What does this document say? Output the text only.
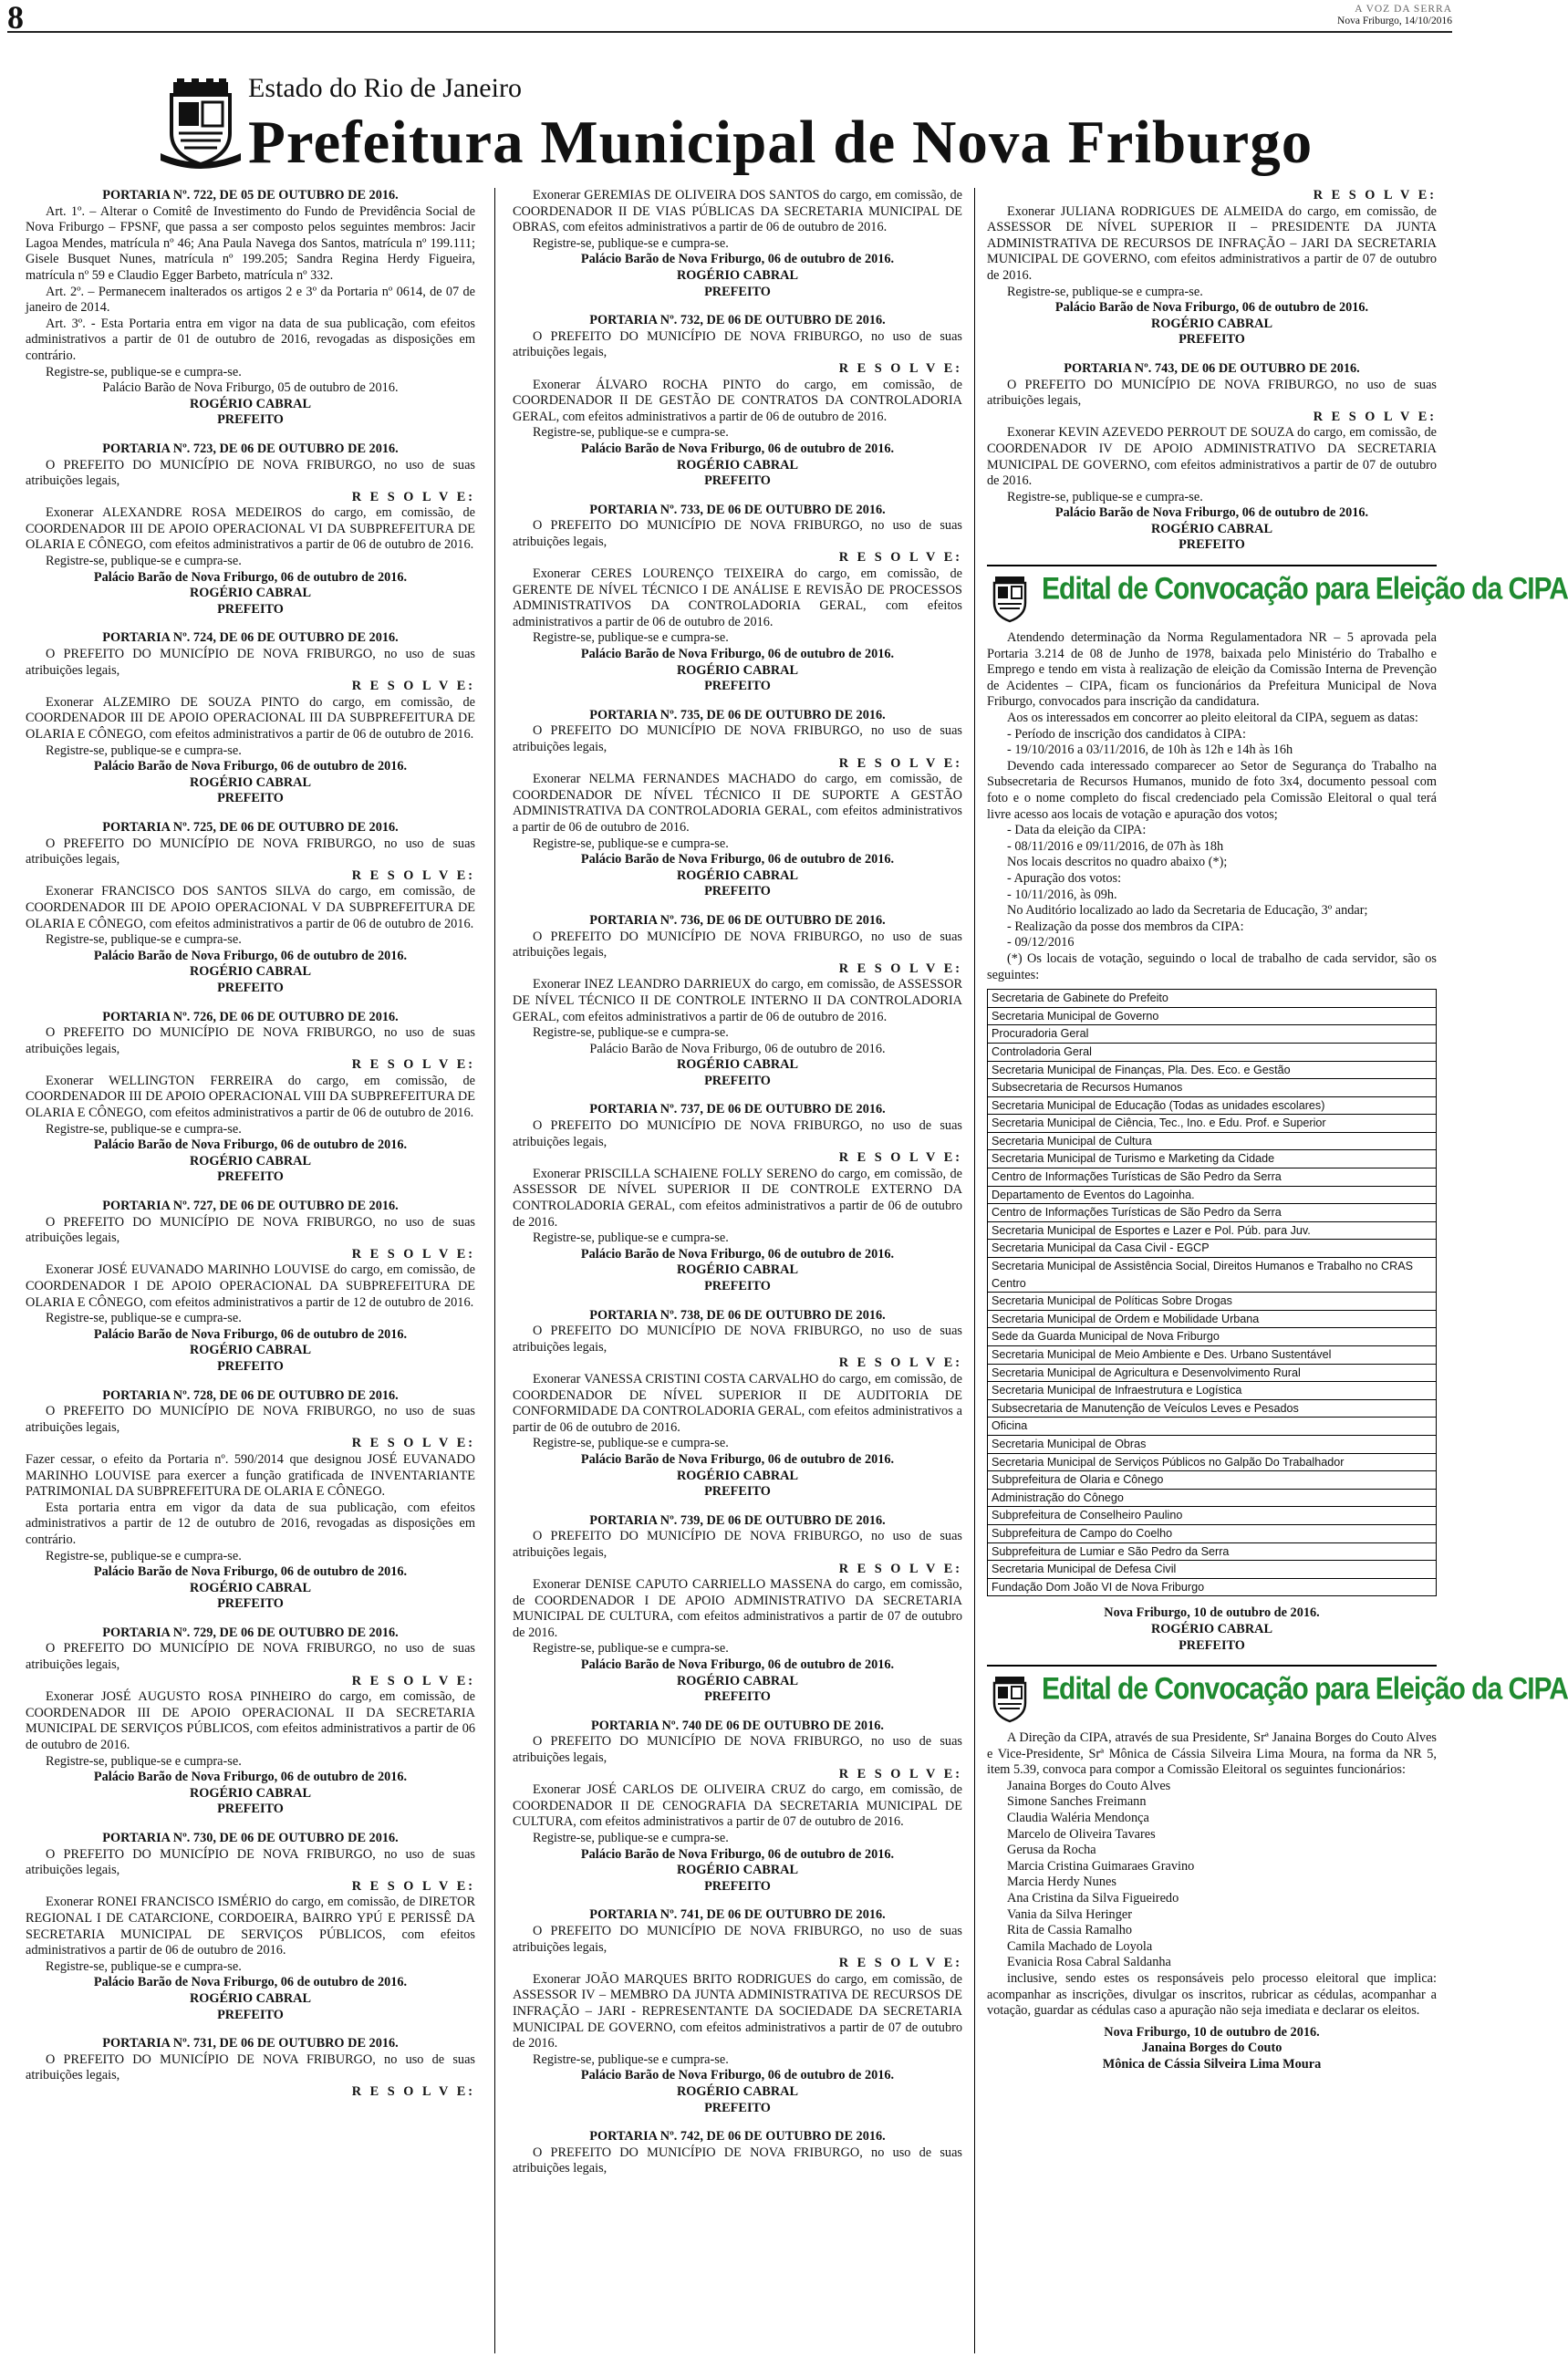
8	A VOZ DA SERRA
Nova Friburgo, 14/10/2016
Estado do Rio de Janeiro
Prefeitura Municipal de Nova Friburgo

PORTARIA Nº. 722, DE 05 DE OUTUBRO DE 2016.

Art. 1º. – Alterar o Comitê de Investimento do Fundo de Previdência Social de Nova Friburgo – FPSNF, que passa a ser composto pelos seguintes membros: Jacir Lagoa Mendes, matrícula nº 46; Ana Paula Navega dos Santos, matrícula nº 199.111; Gisele Busquet Nunes, matrícula nº 199.205; Sandra Regina Herdy Figueira, matrícula nº 59 e Claudio Egger Barbeto, matrícula nº 332.

Art. 2º. – Permanecem inalterados os artigos 2 e 3º da Portaria nº 0614, de 07 de janeiro de 2014.

Art. 3º. - Esta Portaria entra em vigor na data de sua publicação, com efeitos administrativos a partir de 01 de outubro de 2016, revogadas as disposições em contrário.

Registre-se, publique-se e cumpra-se.

Palácio Barão de Nova Friburgo, 05 de outubro de 2016.

ROGÉRIO CABRAL

PREFEITO

PORTARIA Nº. 723, DE 06 DE OUTUBRO DE 2016.

O PREFEITO DO MUNICÍPIO DE NOVA FRIBURGO, no uso de suas atribuições legais,

R E S O L V E:

Exonerar ALEXANDRE ROSA MEDEIROS do cargo, em comissão, de COORDENADOR III DE APOIO OPERACIONAL VI DA SUBPREFEITURA DE OLARIA E CÔNEGO, com efeitos administrativos a partir de 06 de outubro de 2016.

Registre-se, publique-se e cumpra-se.

Palácio Barão de Nova Friburgo, 06 de outubro de 2016.

ROGÉRIO CABRAL

PREFEITO

PORTARIA Nº. 724, DE 06 DE OUTUBRO DE 2016.

O PREFEITO DO MUNICÍPIO DE NOVA FRIBURGO, no uso de suas atribuições legais,

R E S O L V E:

Exonerar ALZEMIRO DE SOUZA PINTO do cargo, em comissão, de COORDENADOR III DE APOIO OPERACIONAL III DA SUBPREFEITURA DE OLARIA E CÔNEGO, com efeitos administrativos a partir de 06 de outubro de 2016.

Registre-se, publique-se e cumpra-se.

Palácio Barão de Nova Friburgo, 06 de outubro de 2016.

ROGÉRIO CABRAL

PREFEITO

PORTARIA Nº. 725, DE 06 DE OUTUBRO DE 2016.

O PREFEITO DO MUNICÍPIO DE NOVA FRIBURGO, no uso de suas atribuições legais,

R E S O L V E:

Exonerar FRANCISCO DOS SANTOS SILVA do cargo, em comissão, de COORDENADOR III DE APOIO OPERACIONAL V DA SUBPREFEITURA DE OLARIA E CÔNEGO, com efeitos administrativos a partir de 06 de outubro de 2016.

Registre-se, publique-se e cumpra-se.

Palácio Barão de Nova Friburgo, 06 de outubro de 2016.

ROGÉRIO CABRAL

PREFEITO

PORTARIA Nº. 726, DE 06 DE OUTUBRO DE 2016.

O PREFEITO DO MUNICÍPIO DE NOVA FRIBURGO, no uso de suas atribuições legais,

R E S O L V E:

Exonerar WELLINGTON FERREIRA do cargo, em comissão, de COORDENADOR III DE APOIO OPERACIONAL VIII DA SUBPREFEITURA DE OLARIA E CÔNEGO, com efeitos administrativos a partir de 06 de outubro de 2016.

Registre-se, publique-se e cumpra-se.

Palácio Barão de Nova Friburgo, 06 de outubro de 2016.

ROGÉRIO CABRAL

PREFEITO

PORTARIA Nº. 727, DE 06 DE OUTUBRO DE 2016.

O PREFEITO DO MUNICÍPIO DE NOVA FRIBURGO, no uso de suas atribuições legais,

R E S O L V E:

Exonerar JOSÉ EUVANADO MARINHO LOUVISE do cargo, em comissão, de COORDENADOR I DE APOIO OPERACIONAL DA SUBPREFEITURA DE OLARIA E CÔNEGO, com efeitos administrativos a partir de 12 de outubro de 2016.

Registre-se, publique-se e cumpra-se.

Palácio Barão de Nova Friburgo, 06 de outubro de 2016.

ROGÉRIO CABRAL

PREFEITO

PORTARIA Nº. 728, DE 06 DE OUTUBRO DE 2016.

O PREFEITO DO MUNICÍPIO DE NOVA FRIBURGO, no uso de suas atribuições legais,

R E S O L V E:

Fazer cessar, o efeito da Portaria nº. 590/2014 que designou JOSÉ EUVANADO MARINHO LOUVISE para exercer a função gratificada de INVENTARIANTE PATRIMONIAL DA SUBPREFEITURA DE OLARIA E CÔNEGO.

Esta portaria entra em vigor da data de sua publicação, com efeitos administrativos a partir de 12 de outubro de 2016, revogadas as disposições em contrário.

Registre-se, publique-se e cumpra-se.

Palácio Barão de Nova Friburgo, 06 de outubro de 2016.

ROGÉRIO CABRAL

PREFEITO

PORTARIA Nº. 729, DE 06 DE OUTUBRO DE 2016.

O PREFEITO DO MUNICÍPIO DE NOVA FRIBURGO, no uso de suas atribuições legais,

R E S O L V E:

Exonerar JOSÉ AUGUSTO ROSA PINHEIRO do cargo, em comissão, de COORDENADOR III DE APOIO OPERACIONAL II DA SECRETARIA MUNICIPAL DE SERVIÇOS PÚBLICOS, com efeitos administrativos a partir de 06 de outubro de 2016.

Registre-se, publique-se e cumpra-se.

Palácio Barão de Nova Friburgo, 06 de outubro de 2016.

ROGÉRIO CABRAL

PREFEITO

PORTARIA Nº. 730, DE 06 DE OUTUBRO DE 2016.

O PREFEITO DO MUNICÍPIO DE NOVA FRIBURGO, no uso de suas atribuições legais,

R E S O L V E:

Exonerar RONEI FRANCISCO ISMÉRIO do cargo, em comissão, de DIRETOR REGIONAL I DE CATARCIONE, CORDOEIRA, BAIRRO YPÚ E PERISSÊ DA SECRETARIA MUNICIPAL DE SERVIÇOS PÚBLICOS, com efeitos administrativos a partir de 06 de outubro de 2016.

Registre-se, publique-se e cumpra-se.

Palácio Barão de Nova Friburgo, 06 de outubro de 2016.

ROGÉRIO CABRAL

PREFEITO

PORTARIA Nº. 731, DE 06 DE OUTUBRO DE 2016.

O PREFEITO DO MUNICÍPIO DE NOVA FRIBURGO, no uso de suas atribuições legais,

R E S O L V E:

Exonerar GEREMIAS DE OLIVEIRA DOS SANTOS do cargo, em comissão, de COORDENADOR II DE VIAS PÚBLICAS DA SECRETARIA MUNICIPAL DE OBRAS, com efeitos administrativos a partir de 06 de outubro de 2016.

Registre-se, publique-se e cumpra-se.

Palácio Barão de Nova Friburgo, 06 de outubro de 2016.

ROGÉRIO CABRAL

PREFEITO

PORTARIA Nº. 732, DE 06 DE OUTUBRO DE 2016.

O PREFEITO DO MUNICÍPIO DE NOVA FRIBURGO, no uso de suas atribuições legais,

R E S O L V E:

Exonerar ÁLVARO ROCHA PINTO do cargo, em comissão, de COORDENADOR II DE GESTÃO DE CONTRATOS DA CONTROLADORIA GERAL, com efeitos administrativos a partir de 06 de outubro de 2016.

Registre-se, publique-se e cumpra-se.

Palácio Barão de Nova Friburgo, 06 de outubro de 2016.

ROGÉRIO CABRAL

PREFEITO

PORTARIA Nº. 733, DE 06 DE OUTUBRO DE 2016.

O PREFEITO DO MUNICÍPIO DE NOVA FRIBURGO, no uso de suas atribuições legais,

R E S O L V E:

Exonerar CERES LOURENÇO TEIXEIRA do cargo, em comissão, de GERENTE DE NÍVEL TÉCNICO I DE ANÁLISE E REVISÃO DE PROCESSOS ADMINISTRATIVOS DA CONTROLADORIA GERAL, com efeitos administrativos a partir de 06 de outubro de 2016.

Registre-se, publique-se e cumpra-se.

Palácio Barão de Nova Friburgo, 06 de outubro de 2016.

ROGÉRIO CABRAL

PREFEITO

PORTARIA Nº. 735, DE 06 DE OUTUBRO DE 2016.

O PREFEITO DO MUNICÍPIO DE NOVA FRIBURGO, no uso de suas atribuições legais,

R E S O L V E:

Exonerar NELMA FERNANDES MACHADO do cargo, em comissão, de COORDENADOR DE NÍVEL TÉCNICO II DE SUPORTE A GESTÃO ADMINISTRATIVA DA CONTROLADORIA GERAL, com efeitos administrativos a partir de 06 de outubro de 2016.

Registre-se, publique-se e cumpra-se.

Palácio Barão de Nova Friburgo, 06 de outubro de 2016.

ROGÉRIO CABRAL

PREFEITO

PORTARIA Nº. 736, DE 06 DE OUTUBRO DE 2016.

O PREFEITO DO MUNICÍPIO DE NOVA FRIBURGO, no uso de suas atribuições legais,

R E S O L V E:

Exonerar INEZ LEANDRO DARRIEUX do cargo, em comissão, de ASSESSOR DE NÍVEL TÉCNICO II DE CONTROLE INTERNO II DA CONTROLADORIA GERAL, com efeitos administrativos a partir de 06 de outubro de 2016.

Registre-se, publique-se e cumpra-se.

Palácio Barão de Nova Friburgo, 06 de outubro de 2016.

ROGÉRIO CABRAL

PREFEITO

PORTARIA Nº. 737, DE 06 DE OUTUBRO DE 2016.

O PREFEITO DO MUNICÍPIO DE NOVA FRIBURGO, no uso de suas atribuições legais,

R E S O L V E:

Exonerar PRISCILLA SCHAIENE FOLLY SERENO do cargo, em comissão, de ASSESSOR DE NÍVEL SUPERIOR II DE CONTROLE EXTERNO DA CONTROLADORIA GERAL, com efeitos administrativos a partir de 06 de outubro de 2016.

Registre-se, publique-se e cumpra-se.

Palácio Barão de Nova Friburgo, 06 de outubro de 2016.

ROGÉRIO CABRAL

PREFEITO

PORTARIA Nº. 738, DE 06 DE OUTUBRO DE 2016.

O PREFEITO DO MUNICÍPIO DE NOVA FRIBURGO, no uso de suas atribuições legais,

R E S O L V E:

Exonerar VANESSA CRISTINI COSTA CARVALHO do cargo, em comissão, de COORDENADOR DE NÍVEL SUPERIOR II DE AUDITORIA DE CONFORMIDADE DA CONTROLADORIA GERAL, com efeitos administrativos a partir de 06 de outubro de 2016.

Registre-se, publique-se e cumpra-se.

Palácio Barão de Nova Friburgo, 06 de outubro de 2016.

ROGÉRIO CABRAL

PREFEITO

PORTARIA Nº. 739, DE 06 DE OUTUBRO DE 2016.

O PREFEITO DO MUNICÍPIO DE NOVA FRIBURGO, no uso de suas atribuições legais,

R E S O L V E:

Exonerar DENISE CAPUTO CARRIELLO MASSENA do cargo, em comissão, de COORDENADOR I DE APOIO ADMINISTRATIVO DA SECRETARIA MUNICIPAL DE CULTURA, com efeitos administrativos a partir de 07 de outubro de 2016.

Registre-se, publique-se e cumpra-se.

Palácio Barão de Nova Friburgo, 06 de outubro de 2016.

ROGÉRIO CABRAL

PREFEITO

PORTARIA Nº. 740 DE 06 DE OUTUBRO DE 2016.

O PREFEITO DO MUNICÍPIO DE NOVA FRIBURGO, no uso de suas atribuições legais,

R E S O L V E:

Exonerar JOSÉ CARLOS DE OLIVEIRA CRUZ do cargo, em comissão, de COORDENADOR II DE CENOGRAFIA DA SECRETARIA MUNICIPAL DE CULTURA, com efeitos administrativos a partir de 07 de outubro de 2016.

Registre-se, publique-se e cumpra-se.

Palácio Barão de Nova Friburgo, 06 de outubro de 2016.

ROGÉRIO CABRAL

PREFEITO

PORTARIA Nº. 741, DE 06 DE OUTUBRO DE 2016.

O PREFEITO DO MUNICÍPIO DE NOVA FRIBURGO, no uso de suas atribuições legais,

R E S O L V E:

Exonerar JOÃO MARQUES BRITO RODRIGUES do cargo, em comissão, de ASSESSOR IV – MEMBRO DA JUNTA ADMINISTRATIVA DE RECURSOS DE INFRAÇÃO – JARI - REPRESENTANTE DA SOCIEDADE DA SECRETARIA MUNICIPAL DE GOVERNO, com efeitos administrativos a partir de 07 de outubro de 2016.

Registre-se, publique-se e cumpra-se.

Palácio Barão de Nova Friburgo, 06 de outubro de 2016.

ROGÉRIO CABRAL

PREFEITO

PORTARIA Nº. 742, DE 06 DE OUTUBRO DE 2016.

O PREFEITO DO MUNICÍPIO DE NOVA FRIBURGO, no uso de suas atribuições legais,

R E S O L V E:

Exonerar JULIANA RODRIGUES DE ALMEIDA do cargo, em comissão, de ASSESSOR DE NÍVEL SUPERIOR II – PRESIDENTE DA JUNTA ADMINISTRATIVA DE RECURSOS DE INFRAÇÃO – JARI DA SECRETARIA MUNICIPAL DE GOVERNO, com efeitos administrativos a partir de 07 de outubro de 2016.

Registre-se, publique-se e cumpra-se.

Palácio Barão de Nova Friburgo, 06 de outubro de 2016.

ROGÉRIO CABRAL

PREFEITO

PORTARIA Nº. 743, DE 06 DE OUTUBRO DE 2016.

O PREFEITO DO MUNICÍPIO DE NOVA FRIBURGO, no uso de suas atribuições legais,

R E S O L V E:

Exonerar KEVIN AZEVEDO PERROUT DE SOUZA do cargo, em comissão, de COORDENADOR IV DE APOIO ADMINISTRATIVO DA SECRETARIA MUNICIPAL DE GOVERNO, com efeitos administrativos a partir de 07 de outubro de 2016.

Registre-se, publique-se e cumpra-se.

Palácio Barão de Nova Friburgo, 06 de outubro de 2016.

ROGÉRIO CABRAL

PREFEITO

Edital de Convocação para Eleição da CIPA

Atendendo determinação da Norma Regulamentadora NR – 5 aprovada pela Portaria 3.214 de 08 de Junho de 1978, baixada pelo Ministério do Trabalho e Emprego e tendo em vista à realização de eleição da Comissão Interna de Prevenção de Acidentes – CIPA, ficam os funcionários da Prefeitura Municipal de Nova Friburgo, convocados para inscrição da candidatura.

Aos os interessados em concorrer ao pleito eleitoral da CIPA, seguem as datas:

- Período de inscrição dos candidatos à CIPA:

- 19/10/2016 a 03/11/2016, de 10h às 12h e 14h às 16h

Devendo cada interessado comparecer ao Setor de Segurança do Trabalho na Subsecretaria de Recursos Humanos, munido de foto 3x4, documento pessoal com foto e o nome completo do fiscal credenciado pela Comissão Eleitoral o qual terá livre acesso aos locais de votação e apuração dos votos;

- Data da eleição da CIPA:

- 08/11/2016 e 09/11/2016, de 07h às 18h

Nos locais descritos no quadro abaixo (*);

- Apuração dos votos:

- 10/11/2016, às 09h.

No Auditório localizado ao lado da Secretaria de Educação, 3º andar;

- Realização da posse dos membros da CIPA:

- 09/12/2016

(*) Os locais de votação, seguindo o local de trabalho de cada servidor, são os seguintes:

Secretaria de Gabinete do Prefeito
Secretaria Municipal de Governo
Procuradoria Geral
Controladoria Geral
Secretaria Municipal de Finanças, Pla. Des. Eco. e Gestão
Subsecretaria de Recursos Humanos
Secretaria Municipal de Educação (Todas as unidades escolares)
Secretaria Municipal de Ciência, Tec., Ino. e Edu. Prof. e Superior
Secretaria Municipal de Cultura
Secretaria Municipal de Turismo e Marketing da Cidade
Centro de Informações Turísticas de São Pedro da Serra
Departamento de Eventos do Lagoinha.
Centro de Informações Turísticas de São Pedro da Serra
Secretaria Municipal de Esportes e Lazer e Pol. Púb. para Juv.
Secretaria Municipal da Casa Civil - EGCP
Secretaria Municipal de Assistência Social, Direitos Humanos e Trabalho no CRAS Centro
Secretaria Municipal de Políticas Sobre Drogas
Secretaria Municipal de Ordem e Mobilidade Urbana
Sede da Guarda Municipal de Nova Friburgo
Secretaria Municipal de Meio Ambiente e Des. Urbano Sustentável
Secretaria Municipal de Agricultura e Desenvolvimento Rural
Secretaria Municipal de Infraestrutura e Logística
Subsecretaria de Manutenção de Veículos Leves e Pesados
Oficina
Secretaria Municipal de Obras
Secretaria Municipal de Serviços Públicos no Galpão Do Trabalhador
Subprefeitura de Olaria e Cônego
Administração do Cônego
Subprefeitura de Conselheiro Paulino
Subprefeitura de Campo do Coelho
Subprefeitura de Lumiar e São Pedro da Serra
Secretaria Municipal de Defesa Civil
Fundação Dom João VI de Nova Friburgo

Nova Friburgo, 10 de outubro de 2016.

ROGÉRIO CABRAL

PREFEITO

Edital de Convocação para Eleição da CIPA

A Direção da CIPA, através de sua Presidente, Srª Janaina Borges do Couto Alves e Vice-Presidente, Srª Mônica de Cássia Silveira Lima Moura, na forma da NR 5, item 5.39, convoca para compor a Comissão Eleitoral os seguintes funcionários:

Janaina Borges do Couto Alves

Simone Sanches Freimann

Claudia Waléria Mendonça

Marcelo de Oliveira Tavares

Gerusa da Rocha

Marcia Cristina Guimaraes Gravino

Marcia Herdy Nunes

Ana Cristina da Silva Figueiredo

Vania da Silva Heringer

Rita de Cassia Ramalho

Camila Machado de Loyola

Evanicia Rosa Cabral Saldanha

inclusive, sendo estes os responsáveis pelo processo eleitoral que implica: acompanhar as inscrições, divulgar os inscritos, rubricar as cédulas, acompanhar a votação, guardar as cédulas caso a apuração não seja imediata e declarar os eleitos.

Nova Friburgo, 10 de outubro de 2016.

Janaina Borges do Couto

Mônica de Cássia Silveira Lima Moura
